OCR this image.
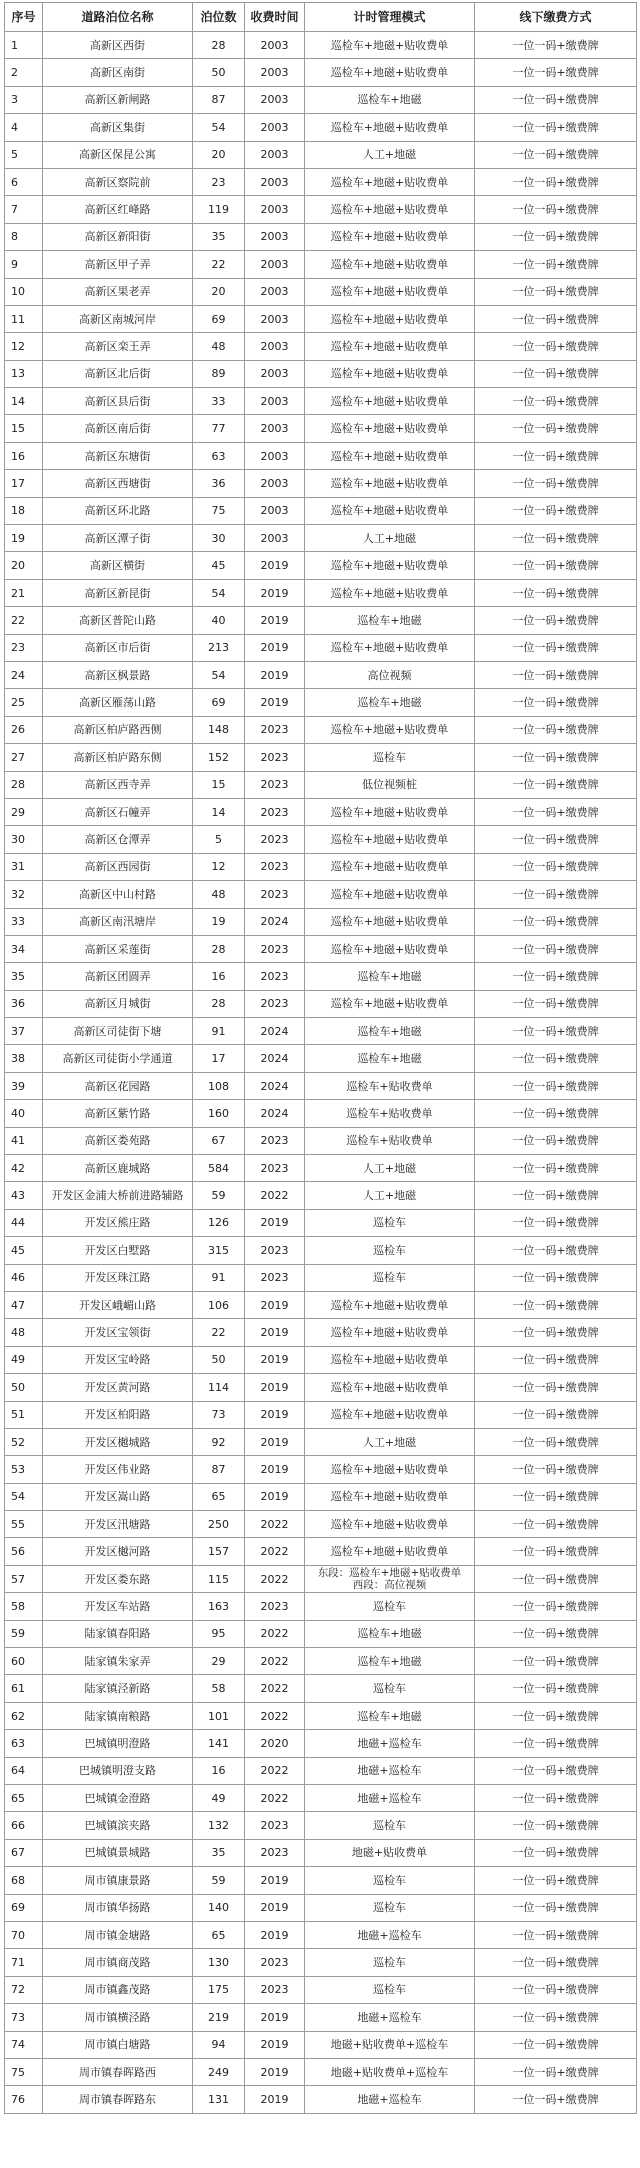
序号	道路泊位名称	泊位数	收费时间	计时管理模式	线下缴费方式
1	高新区西街	28	2003	巡检车+地磁+贴收费单	一位一码+缴费牌
2	高新区南街	50	2003	巡检车+地磁+贴收费单	一位一码+缴费牌
3	高新区新闸路	87	2003	巡检车+地磁	一位一码+缴费牌
4	高新区集街	54	2003	巡检车+地磁+贴收费单	一位一码+缴费牌
5	高新区保昆公寓	20	2003	人工+地磁	一位一码+缴费牌
6	高新区察院前	23	2003	巡检车+地磁+贴收费单	一位一码+缴费牌
7	高新区红峰路	119	2003	巡检车+地磁+贴收费单	一位一码+缴费牌
8	高新区新阳街	35	2003	巡检车+地磁+贴收费单	一位一码+缴费牌
9	高新区甲子弄	22	2003	巡检车+地磁+贴收费单	一位一码+缴费牌
10	高新区果老弄	20	2003	巡检车+地磁+贴收费单	一位一码+缴费牌
11	高新区南城河岸	69	2003	巡检车+地磁+贴收费单	一位一码+缴费牌
12	高新区栾王弄	48	2003	巡检车+地磁+贴收费单	一位一码+缴费牌
13	高新区北后街	89	2003	巡检车+地磁+贴收费单	一位一码+缴费牌
14	高新区县后街	33	2003	巡检车+地磁+贴收费单	一位一码+缴费牌
15	高新区南后街	77	2003	巡检车+地磁+贴收费单	一位一码+缴费牌
16	高新区东塘街	63	2003	巡检车+地磁+贴收费单	一位一码+缴费牌
17	高新区西塘街	36	2003	巡检车+地磁+贴收费单	一位一码+缴费牌
18	高新区环北路	75	2003	巡检车+地磁+贴收费单	一位一码+缴费牌
19	高新区潭子街	30	2003	人工+地磁	一位一码+缴费牌
20	高新区横街	45	2019	巡检车+地磁+贴收费单	一位一码+缴费牌
21	高新区新昆街	54	2019	巡检车+地磁+贴收费单	一位一码+缴费牌
22	高新区普陀山路	40	2019	巡检车+地磁	一位一码+缴费牌
23	高新区市后街	213	2019	巡检车+地磁+贴收费单	一位一码+缴费牌
24	高新区枫景路	54	2019	高位视频	一位一码+缴费牌
25	高新区雁荡山路	69	2019	巡检车+地磁	一位一码+缴费牌
26	高新区柏庐路西侧	148	2023	巡检车+地磁+贴收费单	一位一码+缴费牌
27	高新区柏庐路东侧	152	2023	巡检车	一位一码+缴费牌
28	高新区西寺弄	15	2023	低位视频桩	一位一码+缴费牌
29	高新区石幢弄	14	2023	巡检车+地磁+贴收费单	一位一码+缴费牌
30	高新区仓潭弄	5	2023	巡检车+地磁+贴收费单	一位一码+缴费牌
31	高新区西园街	12	2023	巡检车+地磁+贴收费单	一位一码+缴费牌
32	高新区中山村路	48	2023	巡检车+地磁+贴收费单	一位一码+缴费牌
33	高新区南汛塘岸	19	2024	巡检车+地磁+贴收费单	一位一码+缴费牌
34	高新区采莲街	28	2023	巡检车+地磁+贴收费单	一位一码+缴费牌
35	高新区团圆弄	16	2023	巡检车+地磁	一位一码+缴费牌
36	高新区月城街	28	2023	巡检车+地磁+贴收费单	一位一码+缴费牌
37	高新区司徒街下塘	91	2024	巡检车+地磁	一位一码+缴费牌
38	高新区司徒街小学通道	17	2024	巡检车+地磁	一位一码+缴费牌
39	高新区花园路	108	2024	巡检车+贴收费单	一位一码+缴费牌
40	高新区紫竹路	160	2024	巡检车+贴收费单	一位一码+缴费牌
41	高新区娄苑路	67	2023	巡检车+贴收费单	一位一码+缴费牌
42	高新区鹿城路	584	2023	人工+地磁	一位一码+缴费牌
43	开发区金浦大桥前进路辅路	59	2022	人工+地磁	一位一码+缴费牌
44	开发区熊庄路	126	2019	巡检车	一位一码+缴费牌
45	开发区白墅路	315	2023	巡检车	一位一码+缴费牌
46	开发区珠江路	91	2023	巡检车	一位一码+缴费牌
47	开发区峨嵋山路	106	2019	巡检车+地磁+贴收费单	一位一码+缴费牌
48	开发区宝领街	22	2019	巡检车+地磁+贴收费单	一位一码+缴费牌
49	开发区宝岭路	50	2019	巡检车+地磁+贴收费单	一位一码+缴费牌
50	开发区黄河路	114	2019	巡检车+地磁+贴收费单	一位一码+缴费牌
51	开发区柏阳路	73	2019	巡检车+地磁+贴收费单	一位一码+缴费牌
52	开发区樾城路	92	2019	人工+地磁	一位一码+缴费牌
53	开发区伟业路	87	2019	巡检车+地磁+贴收费单	一位一码+缴费牌
54	开发区嵩山路	65	2019	巡检车+地磁+贴收费单	一位一码+缴费牌
55	开发区汛塘路	250	2022	巡检车+地磁+贴收费单	一位一码+缴费牌
56	开发区樾河路	157	2022	巡检车+地磁+贴收费单	一位一码+缴费牌
57	开发区娄东路	115	2022	东段：巡检车+地磁+贴收费单
西段：高位视频	一位一码+缴费牌
58	开发区车站路	163	2023	巡检车	一位一码+缴费牌
59	陆家镇春阳路	95	2022	巡检车+地磁	一位一码+缴费牌
60	陆家镇朱家弄	29	2022	巡检车+地磁	一位一码+缴费牌
61	陆家镇泾新路	58	2022	巡检车	一位一码+缴费牌
62	陆家镇南粮路	101	2022	巡检车+地磁	一位一码+缴费牌
63	巴城镇明澄路	141	2020	地磁+巡检车	一位一码+缴费牌
64	巴城镇明澄支路	16	2022	地磁+巡检车	一位一码+缴费牌
65	巴城镇金澄路	49	2022	地磁+巡检车	一位一码+缴费牌
66	巴城镇滨夹路	132	2023	巡检车	一位一码+缴费牌
67	巴城镇景城路	35	2023	地磁+贴收费单	一位一码+缴费牌
68	周市镇康景路	59	2019	巡检车	一位一码+缴费牌
69	周市镇华扬路	140	2019	巡检车	一位一码+缴费牌
70	周市镇金塘路	65	2019	地磁+巡检车	一位一码+缴费牌
71	周市镇商茂路	130	2023	巡检车	一位一码+缴费牌
72	周市镇鑫茂路	175	2023	巡检车	一位一码+缴费牌
73	周市镇横泾路	219	2019	地磁+巡检车	一位一码+缴费牌
74	周市镇白塘路	94	2019	地磁+贴收费单+巡检车	一位一码+缴费牌
75	周市镇春晖路西	249	2019	地磁+贴收费单+巡检车	一位一码+缴费牌
76	周市镇春晖路东	131	2019	地磁+巡检车	一位一码+缴费牌
